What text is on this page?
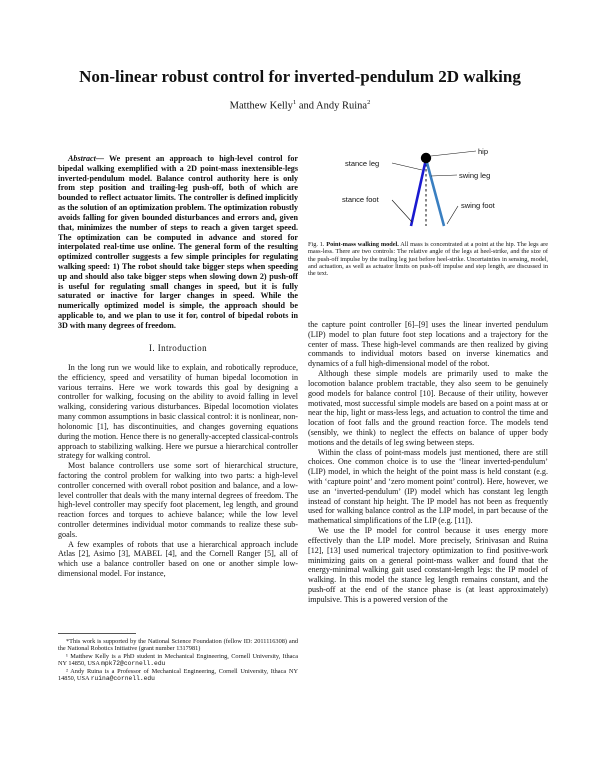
Non-linear robust control for inverted-pendulum 2D walking
Matthew Kelly$^1$ and Andy Ruina$^2$

Abstract— We present an approach to high-level control for bipedal walking exemplified with a 2D point-mass inextensible-legs inverted-pendulum model. Balance control authority here is only from step position and trailing-leg push-off, both of which are bounded to reflect actuator limits. The controller is defined implicitly as the solution of an optimization problem. The optimization robustly avoids falling for given bounded disturbances and errors and, given that, minimizes the number of steps to reach a given target speed. The optimization can be computed in advance and stored for interpolated real-time use online. The general form of the resulting optimized controller suggests a few simple principles for regulating walking speed: 1) The robot should take bigger steps when speeding up and should also take bigger steps when slowing down 2) push-off is useful for regulating small changes in speed, but it is fully saturated or inactive for larger changes in speed. While the numerically optimized model is simple, the approach should be applicable to, and we plan to use it for, control of bipedal robots in 3D with many degrees of freedom.

I. Introduction

In the long run we would like to explain, and robotically reproduce, the efficiency, speed and versatility of human bipedal locomotion in various terrains. Here we work towards this goal by designing a controller for walking, focusing on the ability to avoid falling in level walking, considering various disturbances. Bipedal locomotion violates many common assumptions in basic classical control: it is nonlinear, non-holonomic [1], has discontinuities, and changes governing equations during the motion. Hence there is no generally-accepted classical-controls approach to stabilizing walking. Here we pursue a hierarchical controller strategy for walking control.

Most balance controllers use some sort of hierarchical structure, factoring the control problem for walking into two parts: a high-level controller concerned with overall robot position and balance, and a low-level controller that deals with the many internal degrees of freedom. The high-level controller may specify foot placement, leg length, and ground reaction forces and torques to achieve balance; while the low level controller determines individual motor commands to realize these sub-goals.

A few examples of robots that use a hierarchical approach include Atlas [2], Asimo [3], MABEL [4], and the Cornell Ranger [5], all of which use a balance controller based on one or another simple low-dimensional model. For instance,

*This work is supported by the National Science Foundation (fellow ID: 2011116308) and the National Robotics Initiative (grant number 1317981)

¹ Matthew Kelly is a PhD student in Mechanical Engineering, Cornell University, Ithaca NY 14850, USA mpk72@cornell.edu

² Andy Ruina is a Professor of Mechanical Engineering, Cornell University, Ithaca NY 14850, USA ruina@cornell.edu

hip
stance leg
swing leg
stance foot
swing foot
Fig. 1. Point-mass walking model. All mass is concentrated at a point at the hip. The legs are mass-less. There are two controls: The relative angle of the legs at heel-strike, and the size of the push-off impulse by the trailing leg just before heel-strike. Uncertainties in sensing, model, and actuation, as well as actuator limits on push-off impulse and step length, are discussed in the text.

the capture point controller [6]–[9] uses the linear inverted pendulum (LIP) model to plan future foot step locations and a trajectory for the center of mass. These high-level commands are then realized by giving commands to individual motors based on inverse kinematics and dynamics of a full high-dimensional model of the robot.

Although these simple models are primarily used to make the locomotion balance problem tractable, they also seem to be genuinely good models for balance control [10]. Because of their utility, however motivated, most successful simple models are based on a point mass at or near the hip, light or mass-less legs, and actuation to control the time and location of foot falls and the ground reaction force. The models tend (sensibly, we think) to neglect the effects on balance of upper body motions and the details of leg swing between steps.

Within the class of point-mass models just mentioned, there are still choices. One common choice is to use the ‘linear inverted-pendulum’ (LIP) model, in which the height of the point mass is held constant (e.g. with ‘capture point’ and ‘zero moment point’ control). Here, however, we use an ‘inverted-pendulum’ (IP) model which has constant leg length instead of constant hip height. The IP model has not been as frequently used for walking balance control as the LIP model, in part because of the mathematical simplifications of the LIP (e.g. [11]).

We use the IP model for control because it uses energy more effectively than the LIP model. More precisely, Srinivasan and Ruina [12], [13] used numerical trajectory optimization to find positive-work minimizing gaits on a general point-mass walker and found that the energy-minimal walking gait used constant-length legs: the IP model of walking. In this model the stance leg length remains constant, and the push-off at the end of the stance phase is (at least approximately) impulsive. This is a powered version of the
